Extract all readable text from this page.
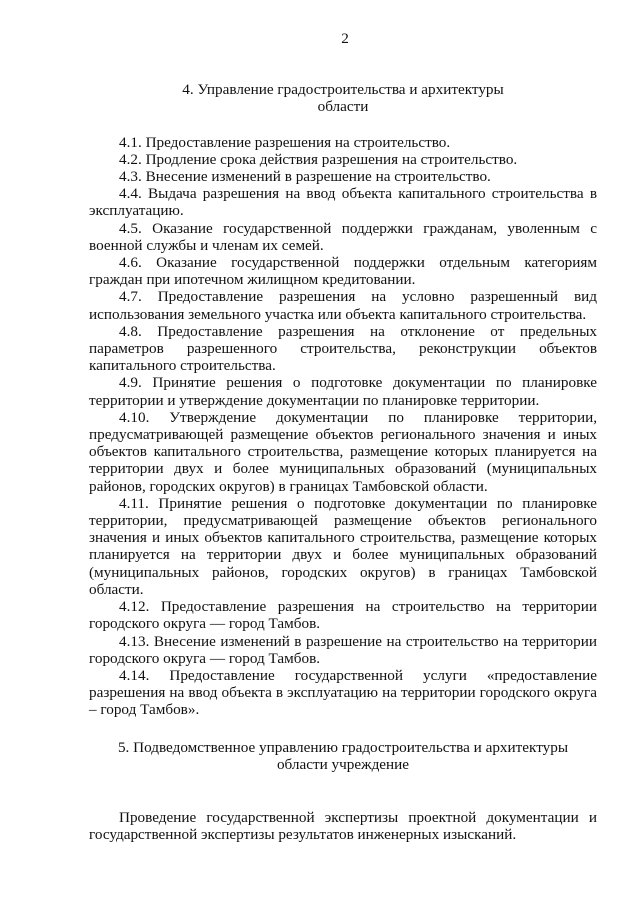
2
4. Управление градостроительства и архитектуры
области

4.1. Предоставление разрешения на строительство.

4.2. Продление срока действия разрешения на строительство.

4.3. Внесение изменений в разрешение на строительство.

4.4. Выдача разрешения на ввод объекта капитального строительства в эксплуатацию.

4.5. Оказание государственной поддержки гражданам, уволенным с военной службы и членам их семей.

4.6. Оказание государственной поддержки отдельным категориям граждан при ипотечном жилищном кредитовании.

4.7. Предоставление разрешения на условно разрешенный вид использования земельного участка или объекта капитального строительства.

4.8. Предоставление разрешения на отклонение от предельных параметров разрешенного строительства, реконструкции объектов капитального строительства.

4.9. Принятие решения о подготовке документации по планировке территории и утверждение документации по планировке территории.

4.10. Утверждение документации по планировке территории, предусматривающей размещение объектов регионального значения и иных объектов капитального строительства, размещение которых планируется на территории двух и более муниципальных образований (муниципальных районов, городских округов) в границах Тамбовской области.

4.11. Принятие решения о подготовке документации по планировке территории, предусматривающей размещение объектов регионального значения и иных объектов капитального строительства, размещение которых планируется на территории двух и более муниципальных образований (муниципальных районов, городских округов) в границах Тамбовской области.

4.12. Предоставление разрешения на строительство на территории городского округа — город Тамбов.

4.13. Внесение изменений в разрешение на строительство на территории городского округа — город Тамбов.

4.14. Предоставление государственной услуги «предоставление разрешения на ввод объекта в эксплуатацию на территории городского округа – город Тамбов».

5. Подведомственное управлению градостроительства и архитектуры
области учреждение

Проведение государственной экспертизы проектной документации и государственной экспертизы результатов инженерных изысканий.
